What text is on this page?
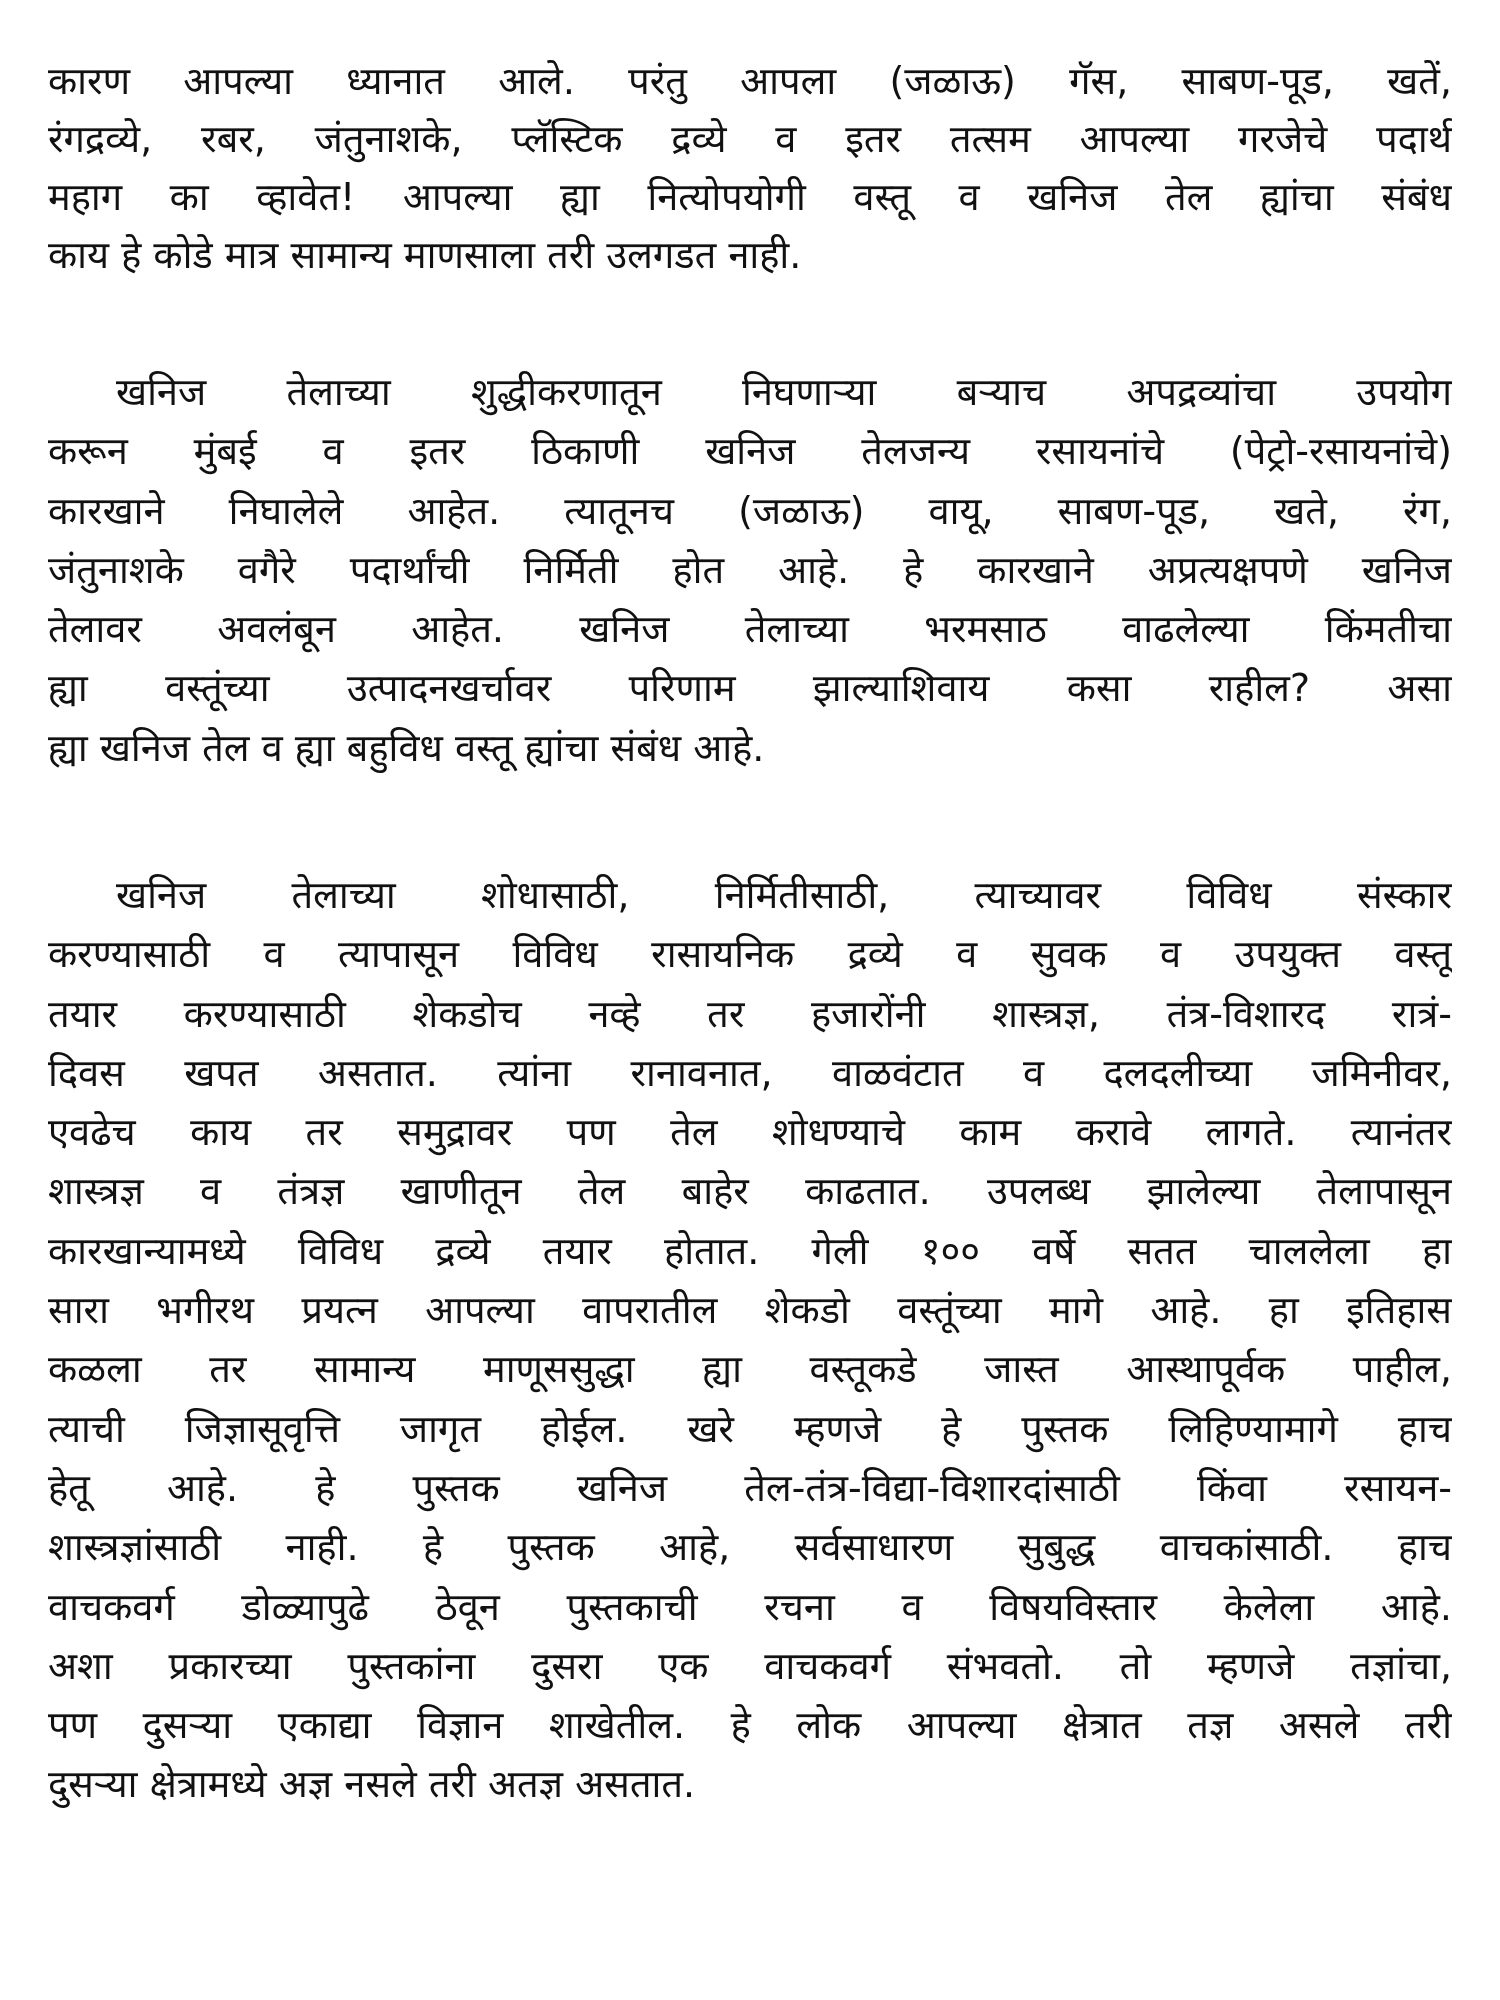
कारण आपल्या ध्यानात आले. परंतु आपला (जळाऊ) गॅस, साबण-पूड, खतें,
रंगद्रव्ये, रबर, जंतुनाशके, प्लॅस्टिक द्रव्ये व इतर तत्सम आपल्या गरजेचे पदार्थ
महाग का व्हावेत! आपल्या ह्या नित्योपयोगी वस्तू व खनिज तेल ह्यांचा संबंध
काय हे कोडे मात्र सामान्य माणसाला तरी उलगडत नाही.
खनिज तेलाच्या शुद्धीकरणातून निघणाऱ्या बऱ्याच अपद्रव्यांचा उपयोग
करून मुंबई व इतर ठिकाणी खनिज तेलजन्य रसायनांचे (पेट्रो-रसायनांचे)
कारखाने निघालेले आहेत. त्यातूनच (जळाऊ) वायू, साबण-पूड, खते, रंग,
जंतुनाशके वगैरे पदार्थांची निर्मिती होत आहे. हे कारखाने अप्रत्यक्षपणे खनिज
तेलावर अवलंबून आहेत. खनिज तेलाच्या भरमसाठ वाढलेल्या किंमतीचा
ह्या वस्तूंच्या उत्पादनखर्चावर परिणाम झाल्याशिवाय कसा राहील? असा
ह्या खनिज तेल व ह्या बहुविध वस्तू ह्यांचा संबंध आहे.
खनिज तेलाच्या शोधासाठी, निर्मितीसाठी, त्याच्यावर विविध संस्कार
करण्यासाठी व त्यापासून विविध रासायनिक द्रव्ये व सुवक व उपयुक्त वस्तू
तयार करण्यासाठी शेकडोच नव्हे तर हजारोंनी शास्त्रज्ञ, तंत्र-विशारद रात्रं-
दिवस खपत असतात. त्यांना रानावनात, वाळवंटात व दलदलीच्या जमिनीवर,
एवढेच काय तर समुद्रावर पण तेल शोधण्याचे काम करावे लागते. त्यानंतर
शास्त्रज्ञ व तंत्रज्ञ खाणीतून तेल बाहेर काढतात. उपलब्ध झालेल्या तेलापासून
कारखान्यामध्ये विविध द्रव्ये तयार होतात. गेली १०० वर्षे सतत चाललेला हा
सारा भगीरथ प्रयत्न आपल्या वापरातील शेकडो वस्तूंच्या मागे आहे. हा इतिहास
कळला तर सामान्य माणूससुद्धा ह्या वस्तूकडे जास्त आस्थापूर्वक पाहील,
त्याची जिज्ञासूवृत्ति जागृत होईल. खरे म्हणजे हे पुस्तक लिहिण्यामागे हाच
हेतू आहे. हे पुस्तक खनिज तेल-तंत्र-विद्या-विशारदांसाठी किंवा रसायन-
शास्त्रज्ञांसाठी नाही. हे पुस्तक आहे, सर्वसाधारण सुबुद्ध वाचकांसाठी. हाच
वाचकवर्ग डोळ्यापुढे ठेवून पुस्तकाची रचना व विषयविस्तार केलेला आहे.
अशा प्रकारच्या पुस्तकांना दुसरा एक वाचकवर्ग संभवतो. तो म्हणजे तज्ञांचा,
पण दुसऱ्या एकाद्या विज्ञान शाखेतील. हे लोक आपल्या क्षेत्रात तज्ञ असले तरी
दुसऱ्या क्षेत्रामध्ये अज्ञ नसले तरी अतज्ञ असतात.
